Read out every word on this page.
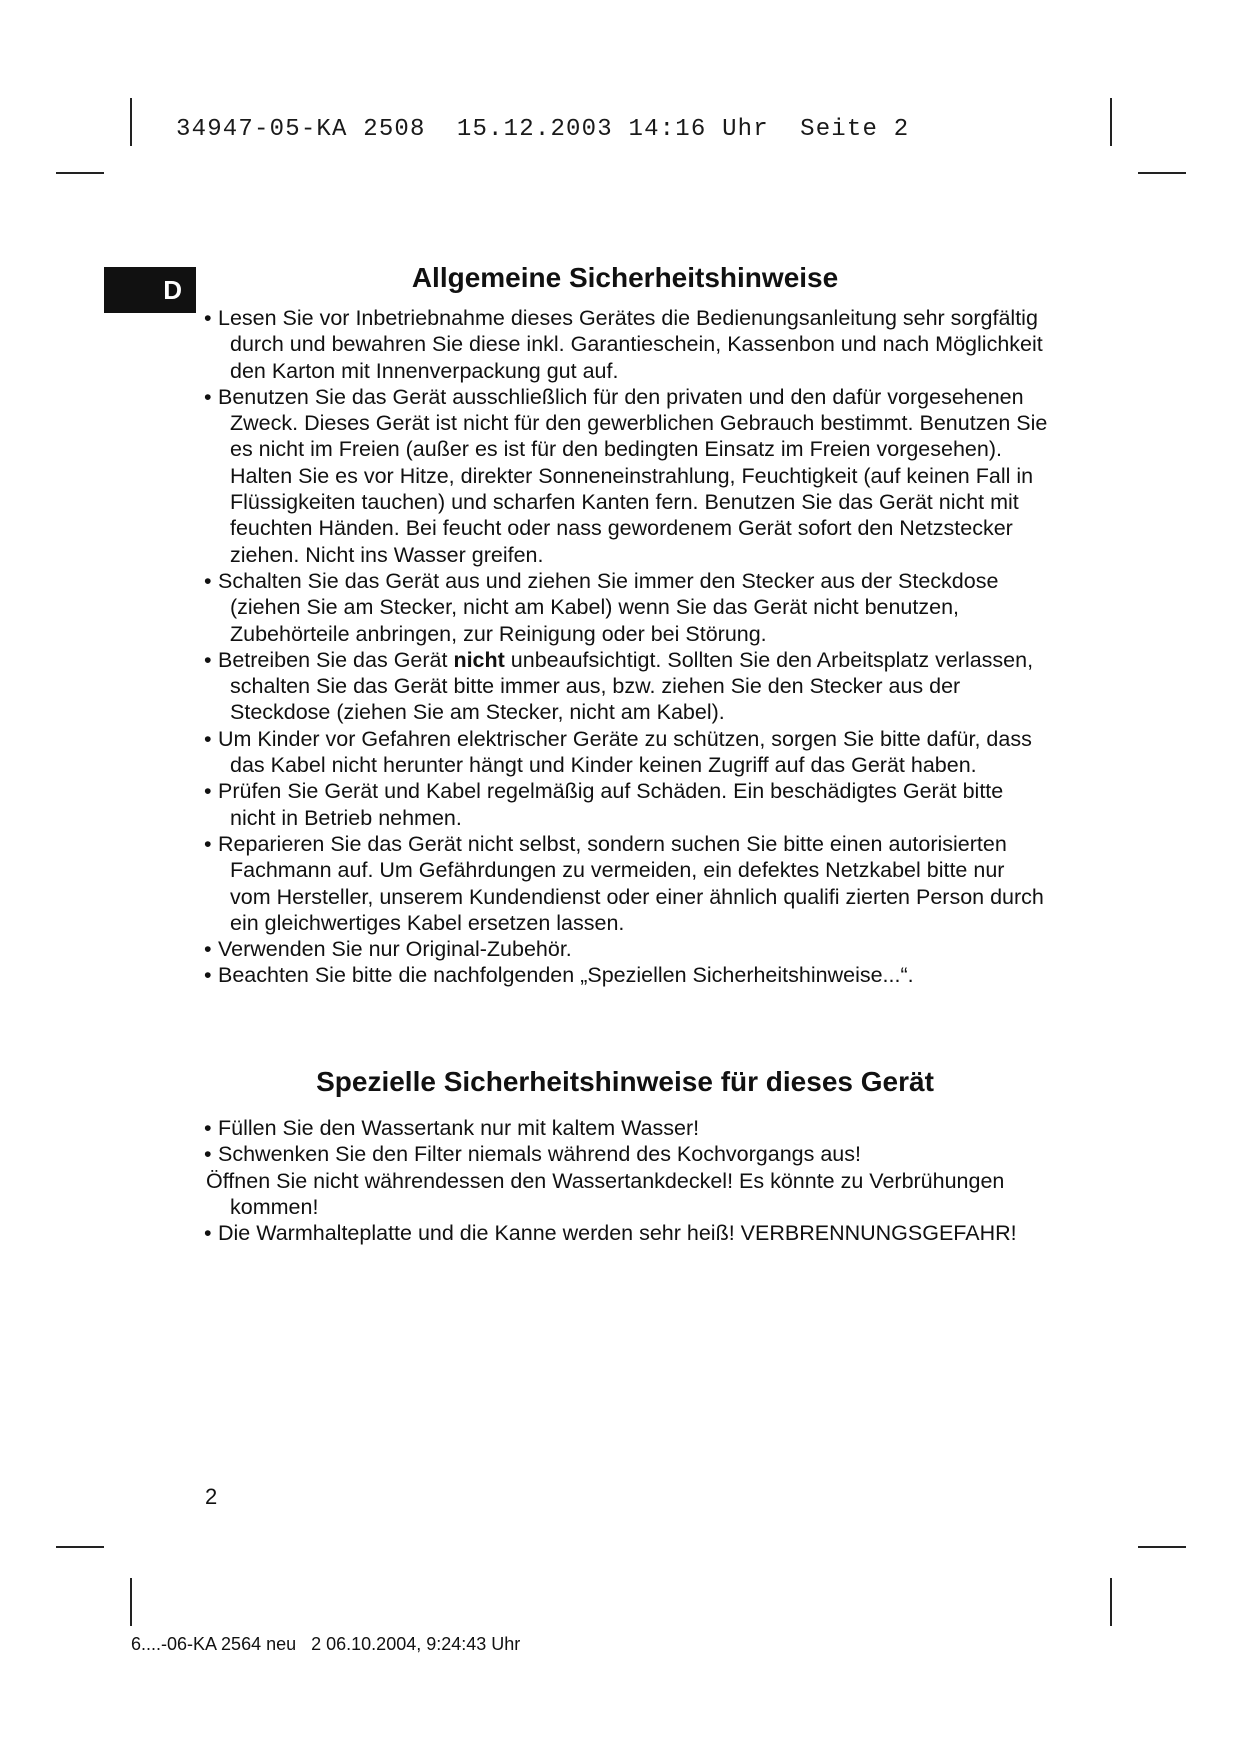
34947-05-KA 2508  15.12.2003 14:16 Uhr  Seite 2
D	Allgemeine Sicherheitshinweise
• Lesen Sie vor Inbetriebnahme dieses Gerätes die Bedienungsanleitung sehr sorgfältig durch und bewahren Sie diese inkl. Garantieschein, Kassenbon und nach Möglichkeit den Karton mit Innenverpackung gut auf.
• Benutzen Sie das Gerät ausschließlich für den privaten und den dafür vorgesehenen Zweck. Dieses Gerät ist nicht für den gewerblichen Gebrauch bestimmt. Benutzen Sie es nicht im Freien (außer es ist für den bedingten Einsatz im Freien vorgesehen). Halten Sie es vor Hitze, direkter Sonneneinstrahlung, Feuchtigkeit (auf keinen Fall in Flüssigkeiten tauchen) und scharfen Kanten fern. Benutzen Sie das Gerät nicht mit feuchten Händen. Bei feucht oder nass gewordenem Gerät sofort den Netzstecker ziehen. Nicht ins Wasser greifen.
• Schalten Sie das Gerät aus und ziehen Sie immer den Stecker aus der Steckdose (ziehen Sie am Stecker, nicht am Kabel) wenn Sie das Gerät nicht benutzen, Zubehörteile anbringen, zur Reinigung oder bei Störung.
• Betreiben Sie das Gerät nicht unbeaufsichtigt. Sollten Sie den Arbeitsplatz verlassen, schalten Sie das Gerät bitte immer aus, bzw. ziehen Sie den Stecker aus der Steckdose (ziehen Sie am Stecker, nicht am Kabel).
• Um Kinder vor Gefahren elektrischer Geräte zu schützen, sorgen Sie bitte dafür, dass das Kabel nicht herunter hängt und Kinder keinen Zugriff auf das Gerät haben.
• Prüfen Sie Gerät und Kabel regelmäßig auf Schäden. Ein beschädigtes Gerät bitte nicht in Betrieb nehmen.
• Reparieren Sie das Gerät nicht selbst, sondern suchen Sie bitte einen autorisierten Fachmann auf. Um Gefährdungen zu vermeiden, ein defektes Netzkabel bitte nur vom Hersteller, unserem Kundendienst oder einer ähnlich qualifi zierten Person durch ein gleichwertiges Kabel ersetzen lassen.
• Verwenden Sie nur Original-Zubehör.
• Beachten Sie bitte die nachfolgenden „Speziellen Sicherheitshinweise...“.
Spezielle Sicherheitshinweise für dieses Gerät
• Füllen Sie den Wassertank nur mit kaltem Wasser!
• Schwenken Sie den Filter niemals während des Kochvorgangs aus!
Öffnen Sie nicht währendessen den Wassertankdeckel! Es könnte zu Verbrühungen kommen!
• Die Warmhalteplatte und die Kanne werden sehr heiß! VERBRENNUNGSGEFAHR!
2
6....-06-KA 2564 neu   2 06.10.2004, 9:24:43 Uhr
